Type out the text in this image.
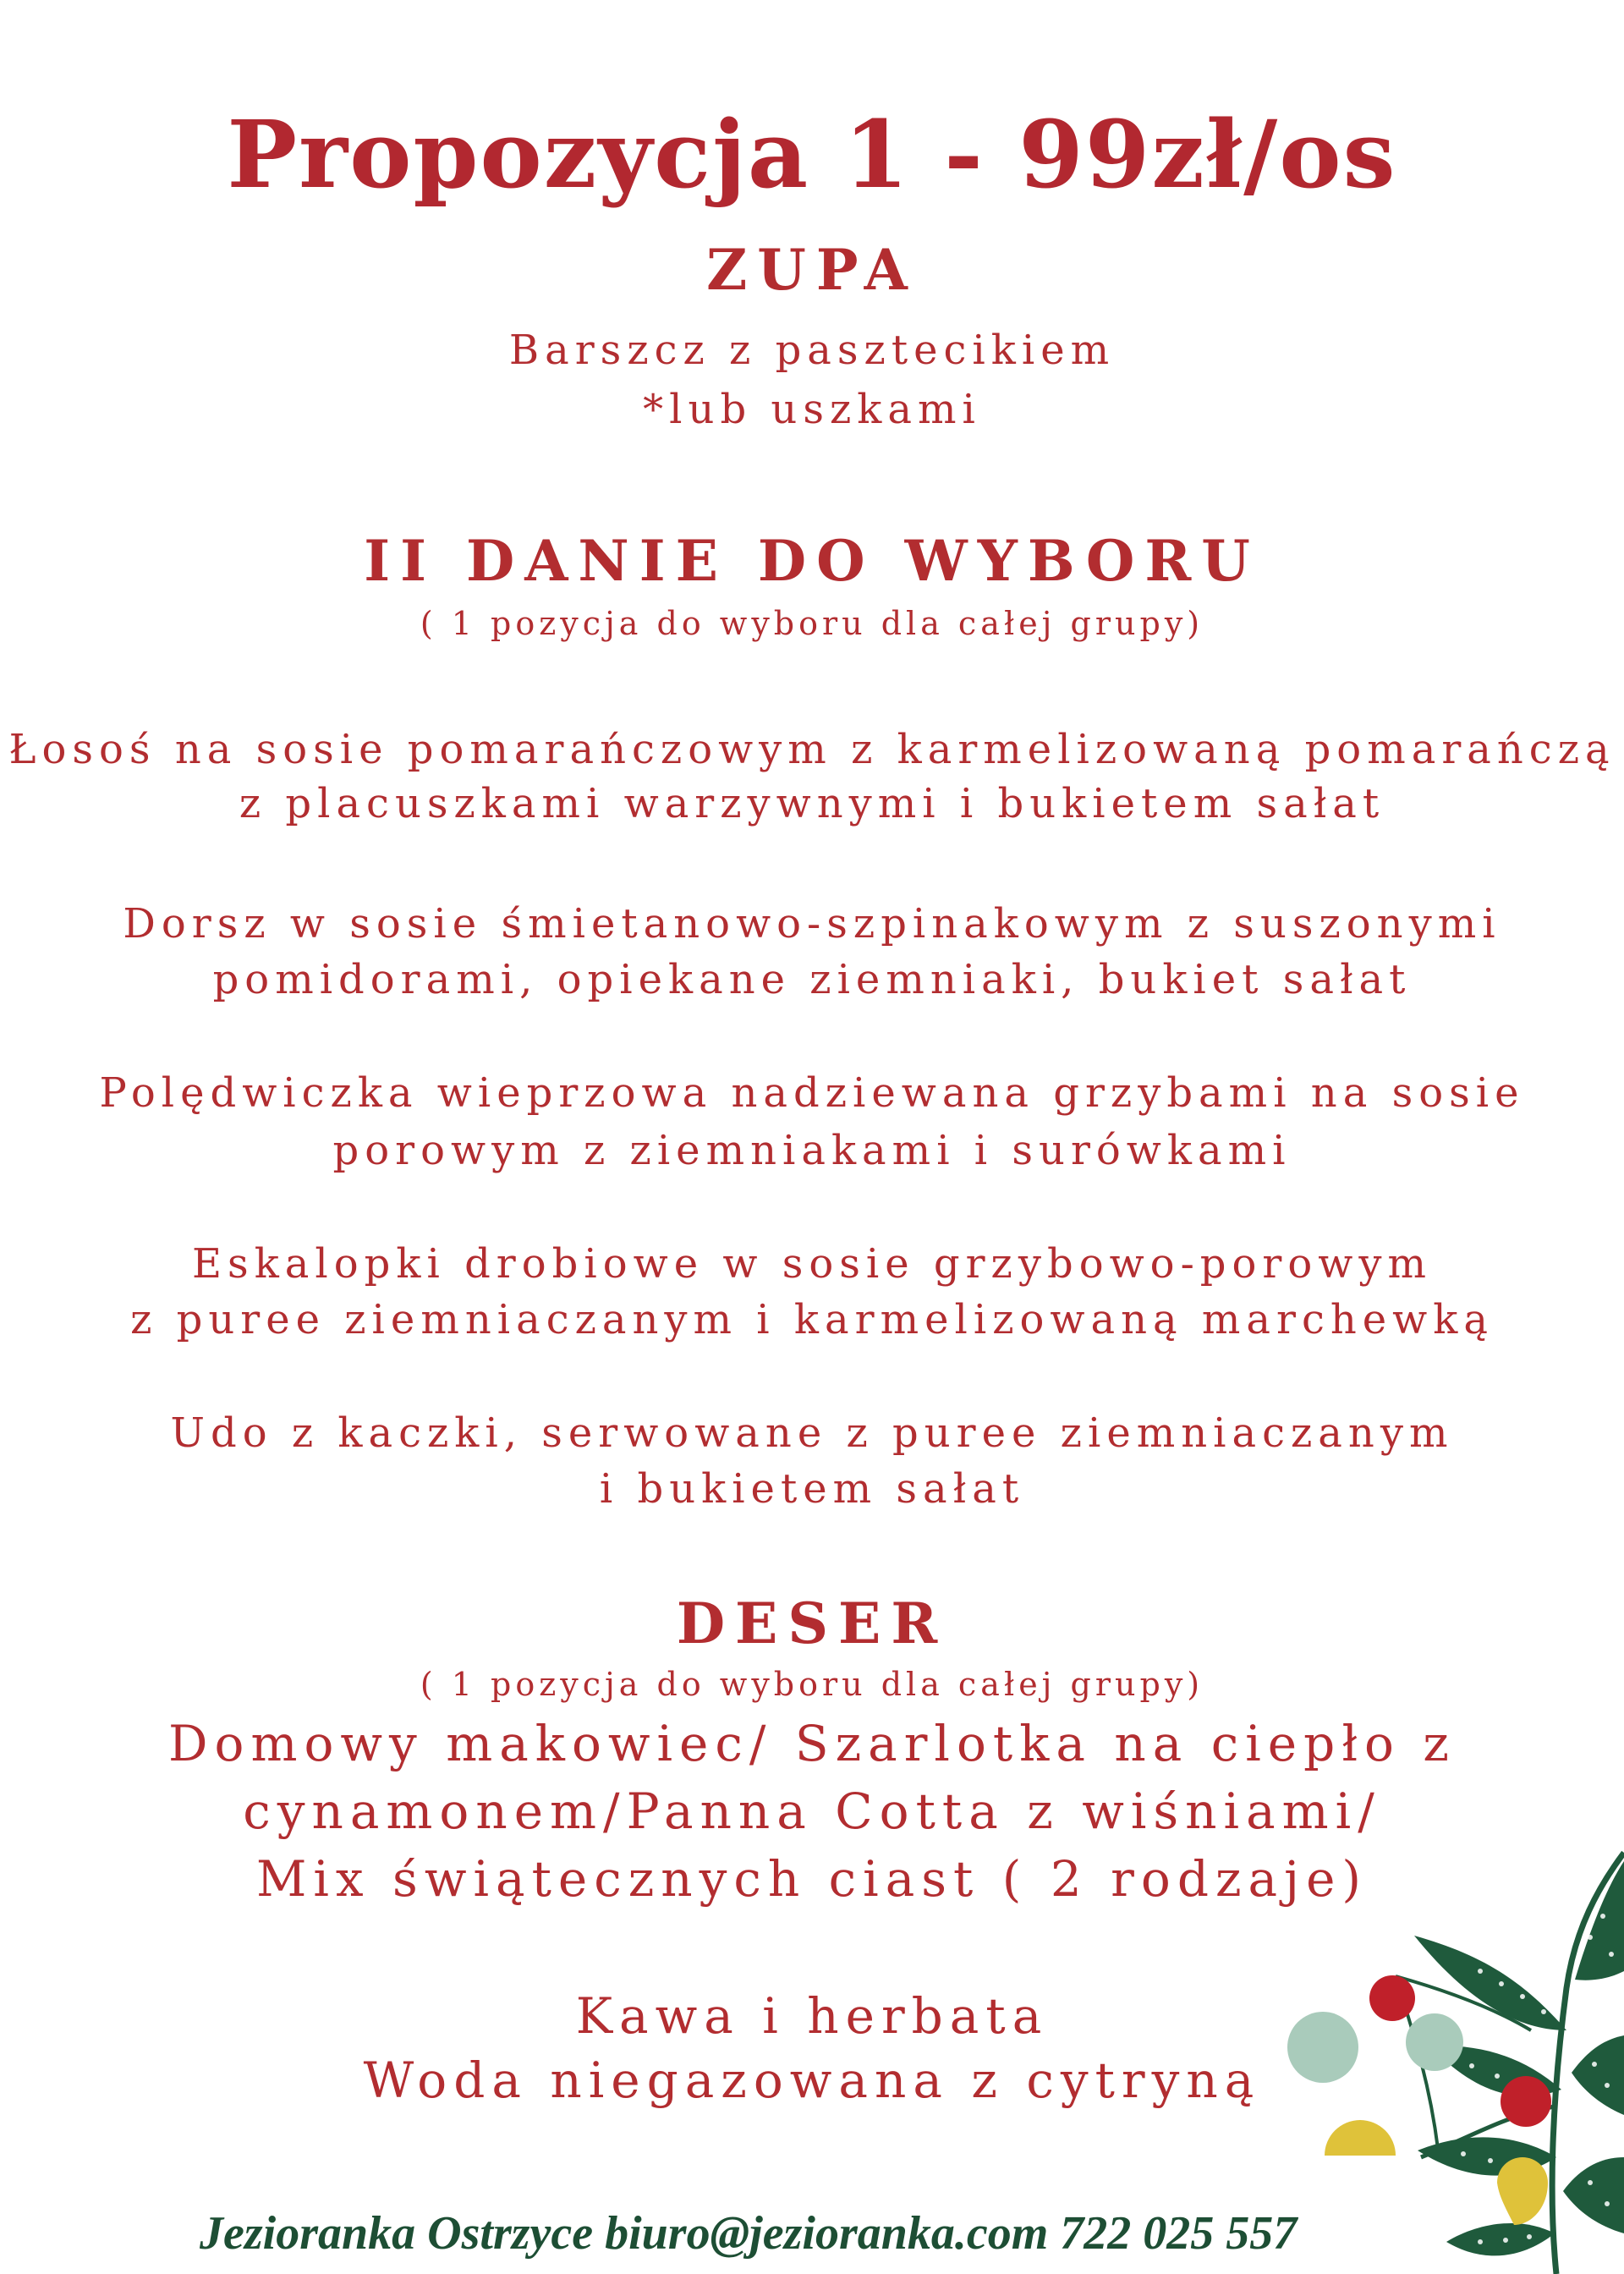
Propozycja 1 - 99zł/os
ZUPA

Barszcz z pasztecikiem

*lub uszkami

II DANIE DO WYBORU

( 1 pozycja do wyboru dla całej grupy)

Łosoś na sosie pomarańczowym z karmelizowaną pomarańczą

z placuszkami warzywnymi i bukietem sałat

Dorsz w sosie śmietanowo-szpinakowym z suszonymi

pomidorami, opiekane ziemniaki, bukiet sałat

Polędwiczka wieprzowa nadziewana grzybami na sosie

porowym z ziemniakami i surówkami

Eskalopki drobiowe w sosie grzybowo-porowym

z puree ziemniaczanym i karmelizowaną marchewką

Udo z kaczki, serwowane z puree ziemniaczanym

i bukietem sałat

DESER

( 1 pozycja do wyboru dla całej grupy)

Domowy makowiec/ Szarlotka na ciepło z

cynamonem/Panna Cotta z wiśniami/

Mix świątecznych ciast ( 2 rodzaje)

Kawa i herbata

Woda niegazowana z cytryną

Jezioranka Ostrzyce biuro@jezioranka.com 722 025 557
